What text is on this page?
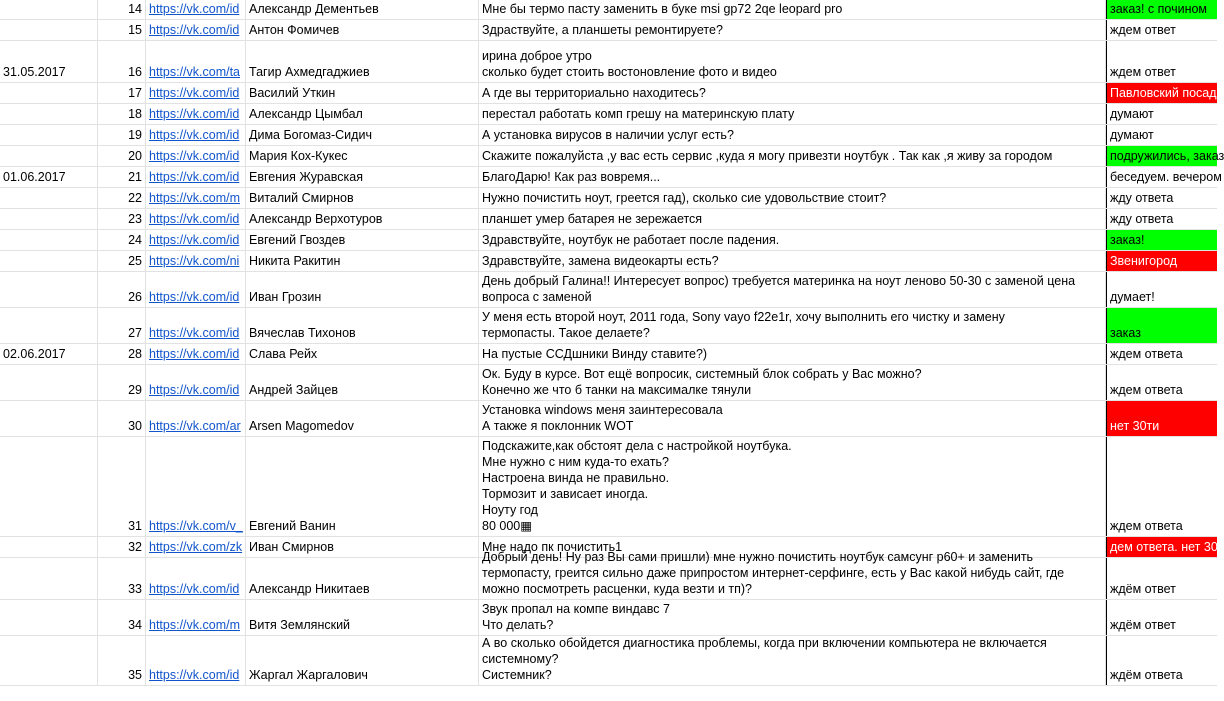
14 https://vk.com/id Александр Дементьев	Мне бы термо пасту заменить в буке msi gp72 2qe leopard pro	заказ! с почином
15 https://vk.com/id Антон Фомичев	Здраствуйте, а планшеты ремонтируете?	ждем ответ
31.05.2017	16 https://vk.com/ta Тагир Ахмедгаджиев
ирина доброе утро
сколько будет стоить востоновление фото и видео	ждем ответ
17 https://vk.com/id Василий Уткин	А где вы территориально находитесь?	Павловский посад
18 https://vk.com/id Александр Цымбал	перестал работать комп грешу на материнскую плату	думают
19 https://vk.com/id Дима Богомаз-Сидич	А установка вирусов в наличии услуг есть?	думают
20 https://vk.com/id Мария Кох-Кукес	Скажите пожалуйста ,у вас есть сервис ,куда я могу привезти ноутбук . Так как ,я живу за городом	подружились, заказ
01.06.2017	21 https://vk.com/id Евгения Журавская	БлагоДарю! Как раз вовремя...	беседуем. вечером
22 https://vk.com/m Виталий Смирнов	Нужно почистить ноут, греется гад), сколько сие удовольствие стоит?	жду ответа
23 https://vk.com/id Александр Верхотуров	планшет умер батарея не зережается	жду ответа
24 https://vk.com/id Евгений Гвоздев	Здравствуйте, ноутбук не работает после падения.	заказ!
25 https://vk.com/ni Никита Ракитин	Здравствуйте, замена видеокарты есть?	Звенигород
26 https://vk.com/id Иван Грозин
День добрый Галина!! Интересует вопрос) требуется материнка на ноут леново 50-30 с заменой цена
вопроса с заменой	думает!
27 https://vk.com/id Вячеслав Тихонов
У меня есть второй ноут, 2011 года, Sony vayo f22e1r, хочу выполнить его чистку и замену
термопасты. Такое делаете?	заказ
02.06.2017	28 https://vk.com/id Слава Рейх	На пустые ССДшники Винду ставите?)	ждем ответа
29 https://vk.com/id Андрей Зайцев
Ок. Буду в курсе. Вот ещё вопросик, системный блок собрать у Вас можно?
Конечно же что б танки на максималке тянули	ждем ответа
30 https://vk.com/ar Arsen Magomedov
Установка windows меня заинтересовала
А также я поклонник WOT	нет 30ти
31 https://vk.com/v_ Евгений Ванин
Подскажите,как обстоят дела с настройкой ноутбука.
Мне нужно с ним куда-то ехать?
Настроена винда не правильно.
Тормозит и зависает иногда.
Ноуту год
80 000▦	ждем ответа
32 https://vk.com/zk Иван Смирнов	Мне надо пк почистить1	дем ответа. нет 30
33 https://vk.com/id Александр Никитаев
Добрый день! Ну раз Вы сами пришли) мне нужно почистить ноутбук самсунг р60+ и заменить
термопасту, греится сильно даже припростом интернет-серфинге, есть у Вас какой нибудь сайт, где
можно посмотреть расценки, куда везти и тп)?	ждём ответ
34 https://vk.com/m Витя Землянский
Звук пропал на компе виндавс 7
Что делать?	ждём ответ
35 https://vk.com/id Жаргал Жаргалович
А во сколько обойдется диагностика проблемы, когда при включении компьютера не включается
системному?
Системник?	ждём ответа
